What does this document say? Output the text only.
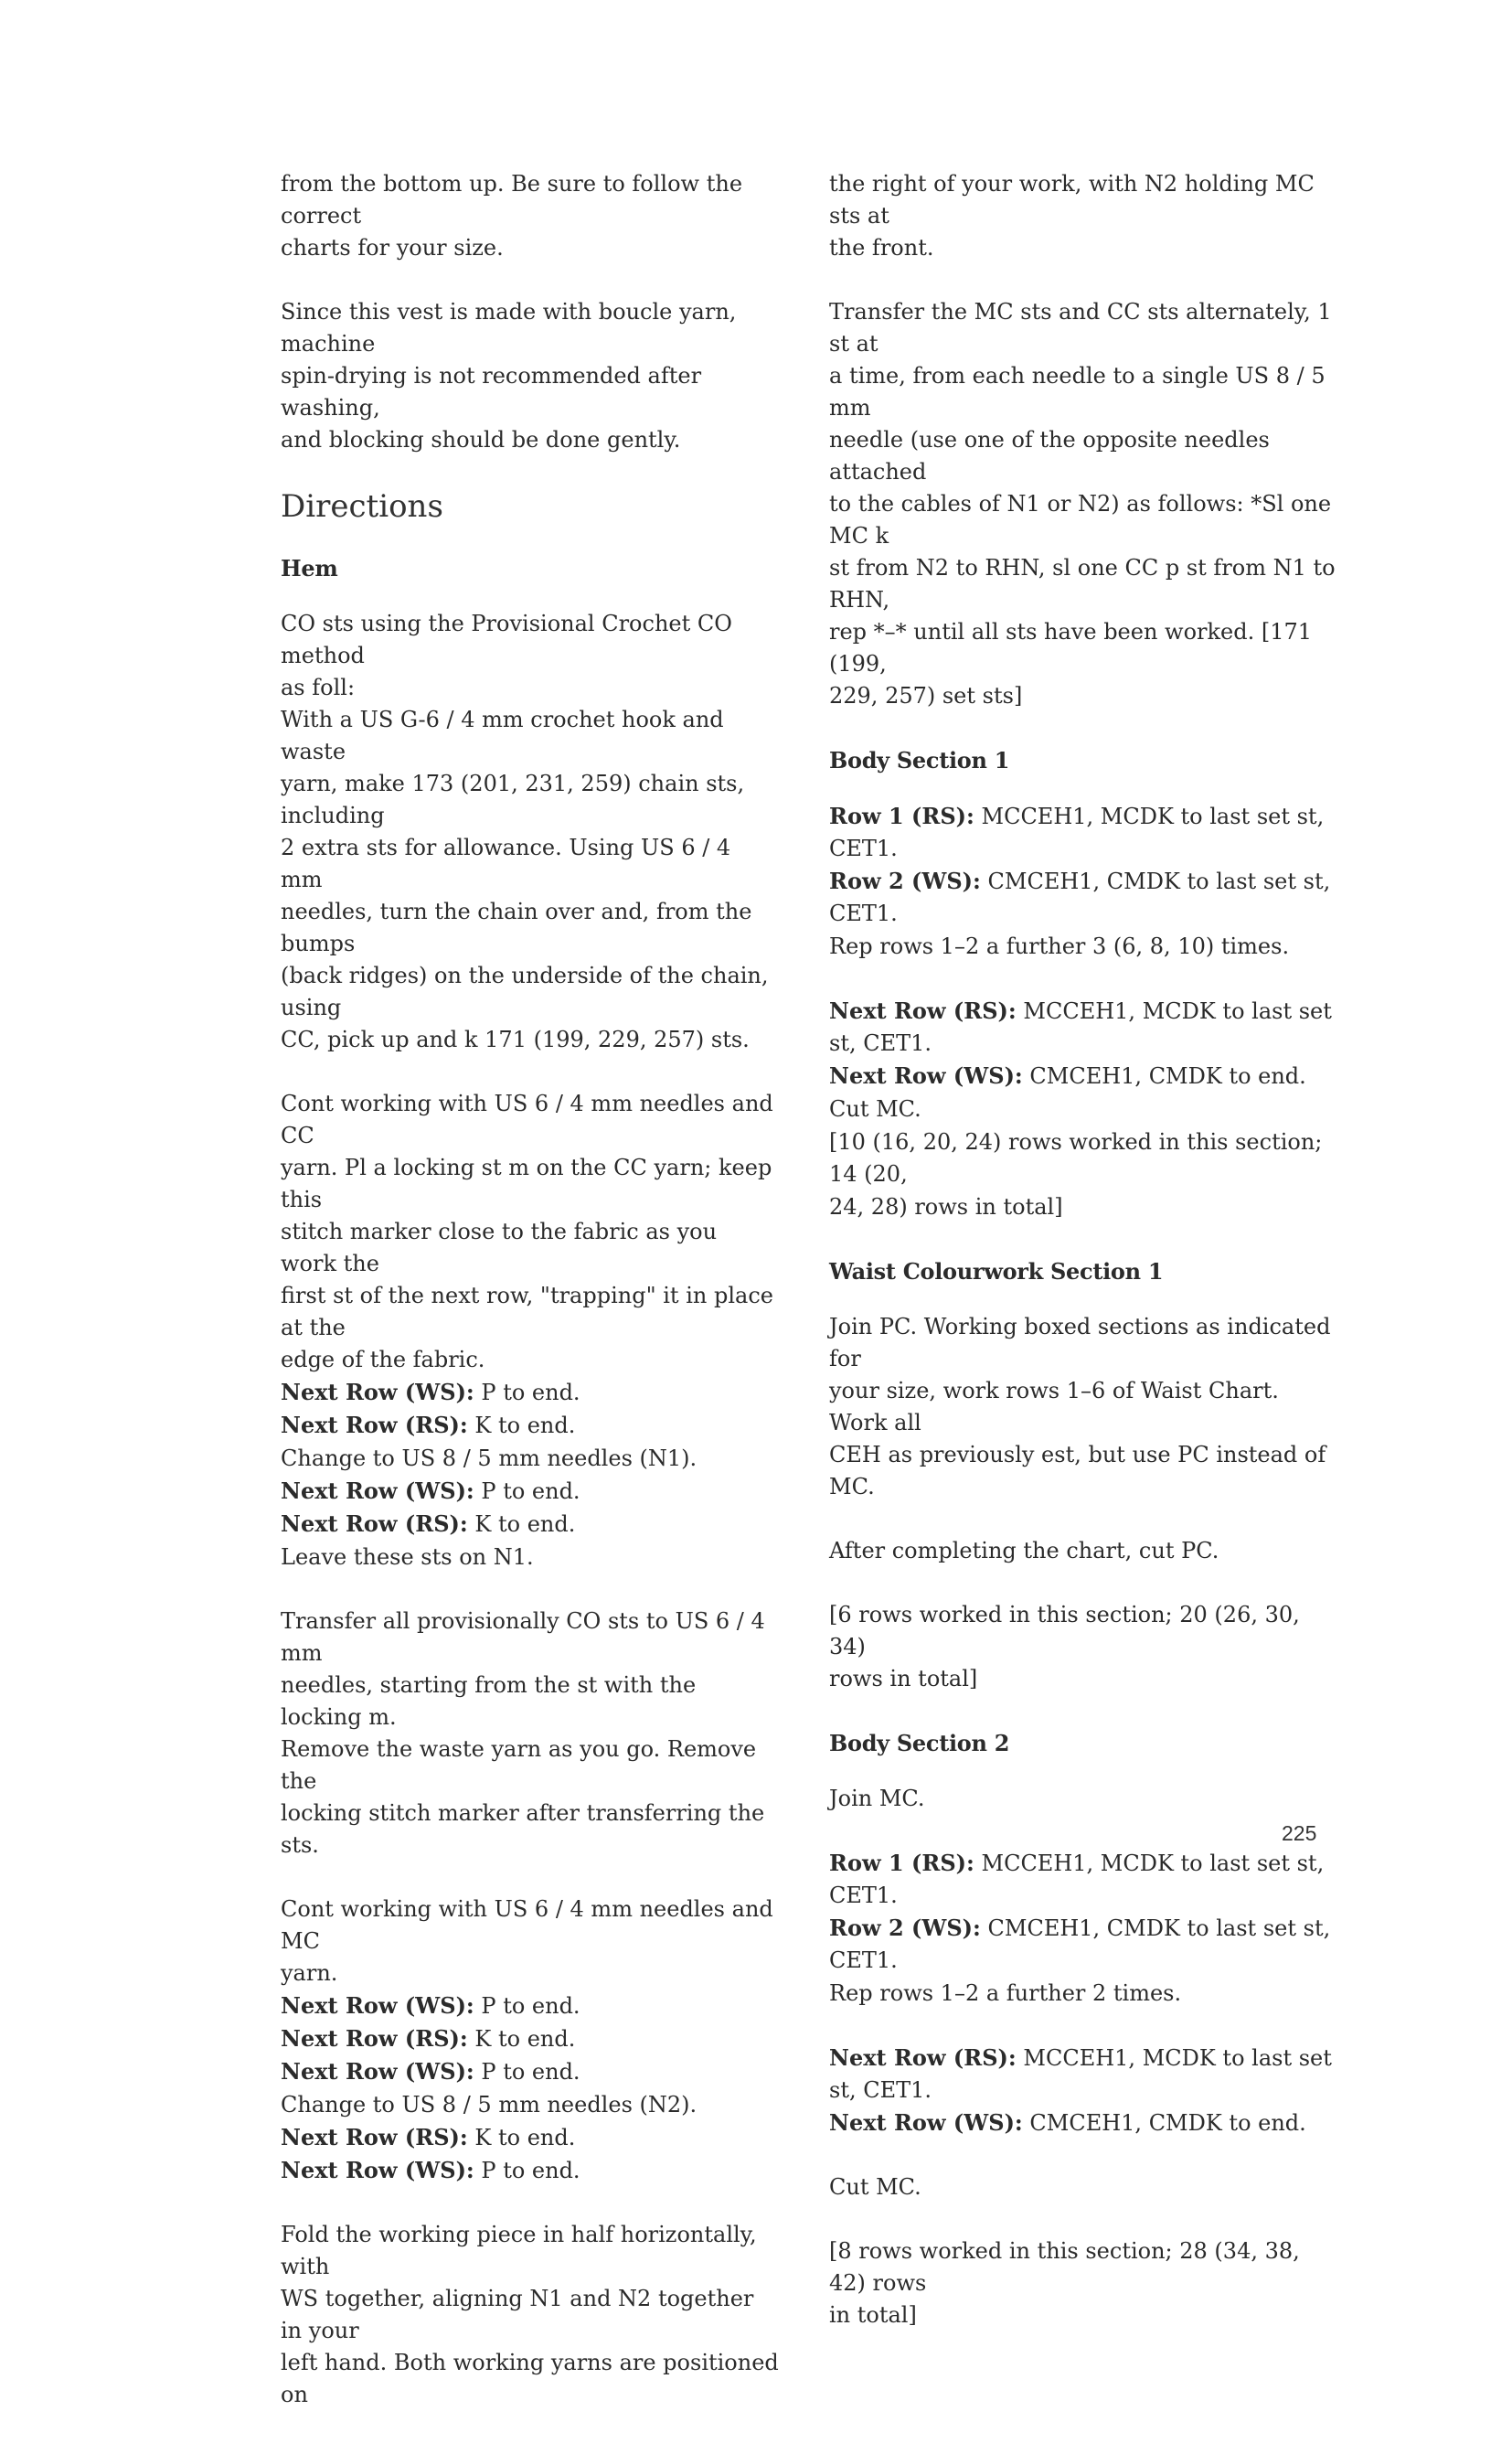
from the bottom up. Be sure to follow the correct
charts for your size.
Since this vest is made with boucle yarn, machine
spin-drying is not recommended after washing,
and blocking should be done gently.
Directions
Hem
CO sts using the Provisional Crochet CO method
as foll:
With a US G-6 / 4 mm crochet hook and waste
yarn, make 173 (201, 231, 259) chain sts, including
2 extra sts for allowance. Using US 6 / 4 mm
needles, turn the chain over and, from the bumps
(back ridges) on the underside of the chain, using
CC, pick up and k 171 (199, 229, 257) sts.
Cont working with US 6 / 4 mm needles and CC
yarn. Pl a locking st m on the CC yarn; keep this
stitch marker close to the fabric as you work the
first st of the next row, "trapping" it in place at the
edge of the fabric.
Next Row (WS): P to end.
Next Row (RS): K to end.
Change to US 8 / 5 mm needles (N1).
Next Row (WS): P to end.
Next Row (RS): K to end.
Leave these sts on N1.
Transfer all provisionally CO sts to US 6 / 4 mm
needles, starting from the st with the locking m.
Remove the waste yarn as you go. Remove the
locking stitch marker after transferring the sts.
Cont working with US 6 / 4 mm needles and MC
yarn.
Next Row (WS): P to end.
Next Row (RS): K to end.
Next Row (WS): P to end.
Change to US 8 / 5 mm needles (N2).
Next Row (RS): K to end.
Next Row (WS): P to end.
Fold the working piece in half horizontally, with
WS together, aligning N1 and N2 together in your
left hand. Both working yarns are positioned on
the right of your work, with N2 holding MC sts at
the front.
Transfer the MC sts and CC sts alternately, 1 st at
a time, from each needle to a single US 8 / 5 mm
needle (use one of the opposite needles attached
to the cables of N1 or N2) as follows: *Sl one MC k
st from N2 to RHN, sl one CC p st from N1 to RHN,
rep *–* until all sts have been worked. [171 (199,
229, 257) set sts]
Body Section 1
Row 1 (RS): MCCEH1, MCDK to last set st, CET1.
Row 2 (WS): CMCEH1, CMDK to last set st, CET1.
Rep rows 1–2 a further 3 (6, 8, 10) times.
Next Row (RS): MCCEH1, MCDK to last set st, CET1.
Next Row (WS): CMCEH1, CMDK to end.
Cut MC.
[10 (16, 20, 24) rows worked in this section; 14 (20,
24, 28) rows in total]
Waist Colourwork Section 1
Join PC. Working boxed sections as indicated for
your size, work rows 1–6 of Waist Chart. Work all
CEH as previously est, but use PC instead of MC.
After completing the chart, cut PC.
[6 rows worked in this section; 20 (26, 30, 34)
rows in total]
Body Section 2
Join MC.
Row 1 (RS): MCCEH1, MCDK to last set st, CET1.
Row 2 (WS): CMCEH1, CMDK to last set st, CET1.
Rep rows 1–2 a further 2 times.
Next Row (RS): MCCEH1, MCDK to last set st, CET1.
Next Row (WS): CMCEH1, CMDK to end.
Cut MC.
[8 rows worked in this section; 28 (34, 38, 42) rows
in total]
225
